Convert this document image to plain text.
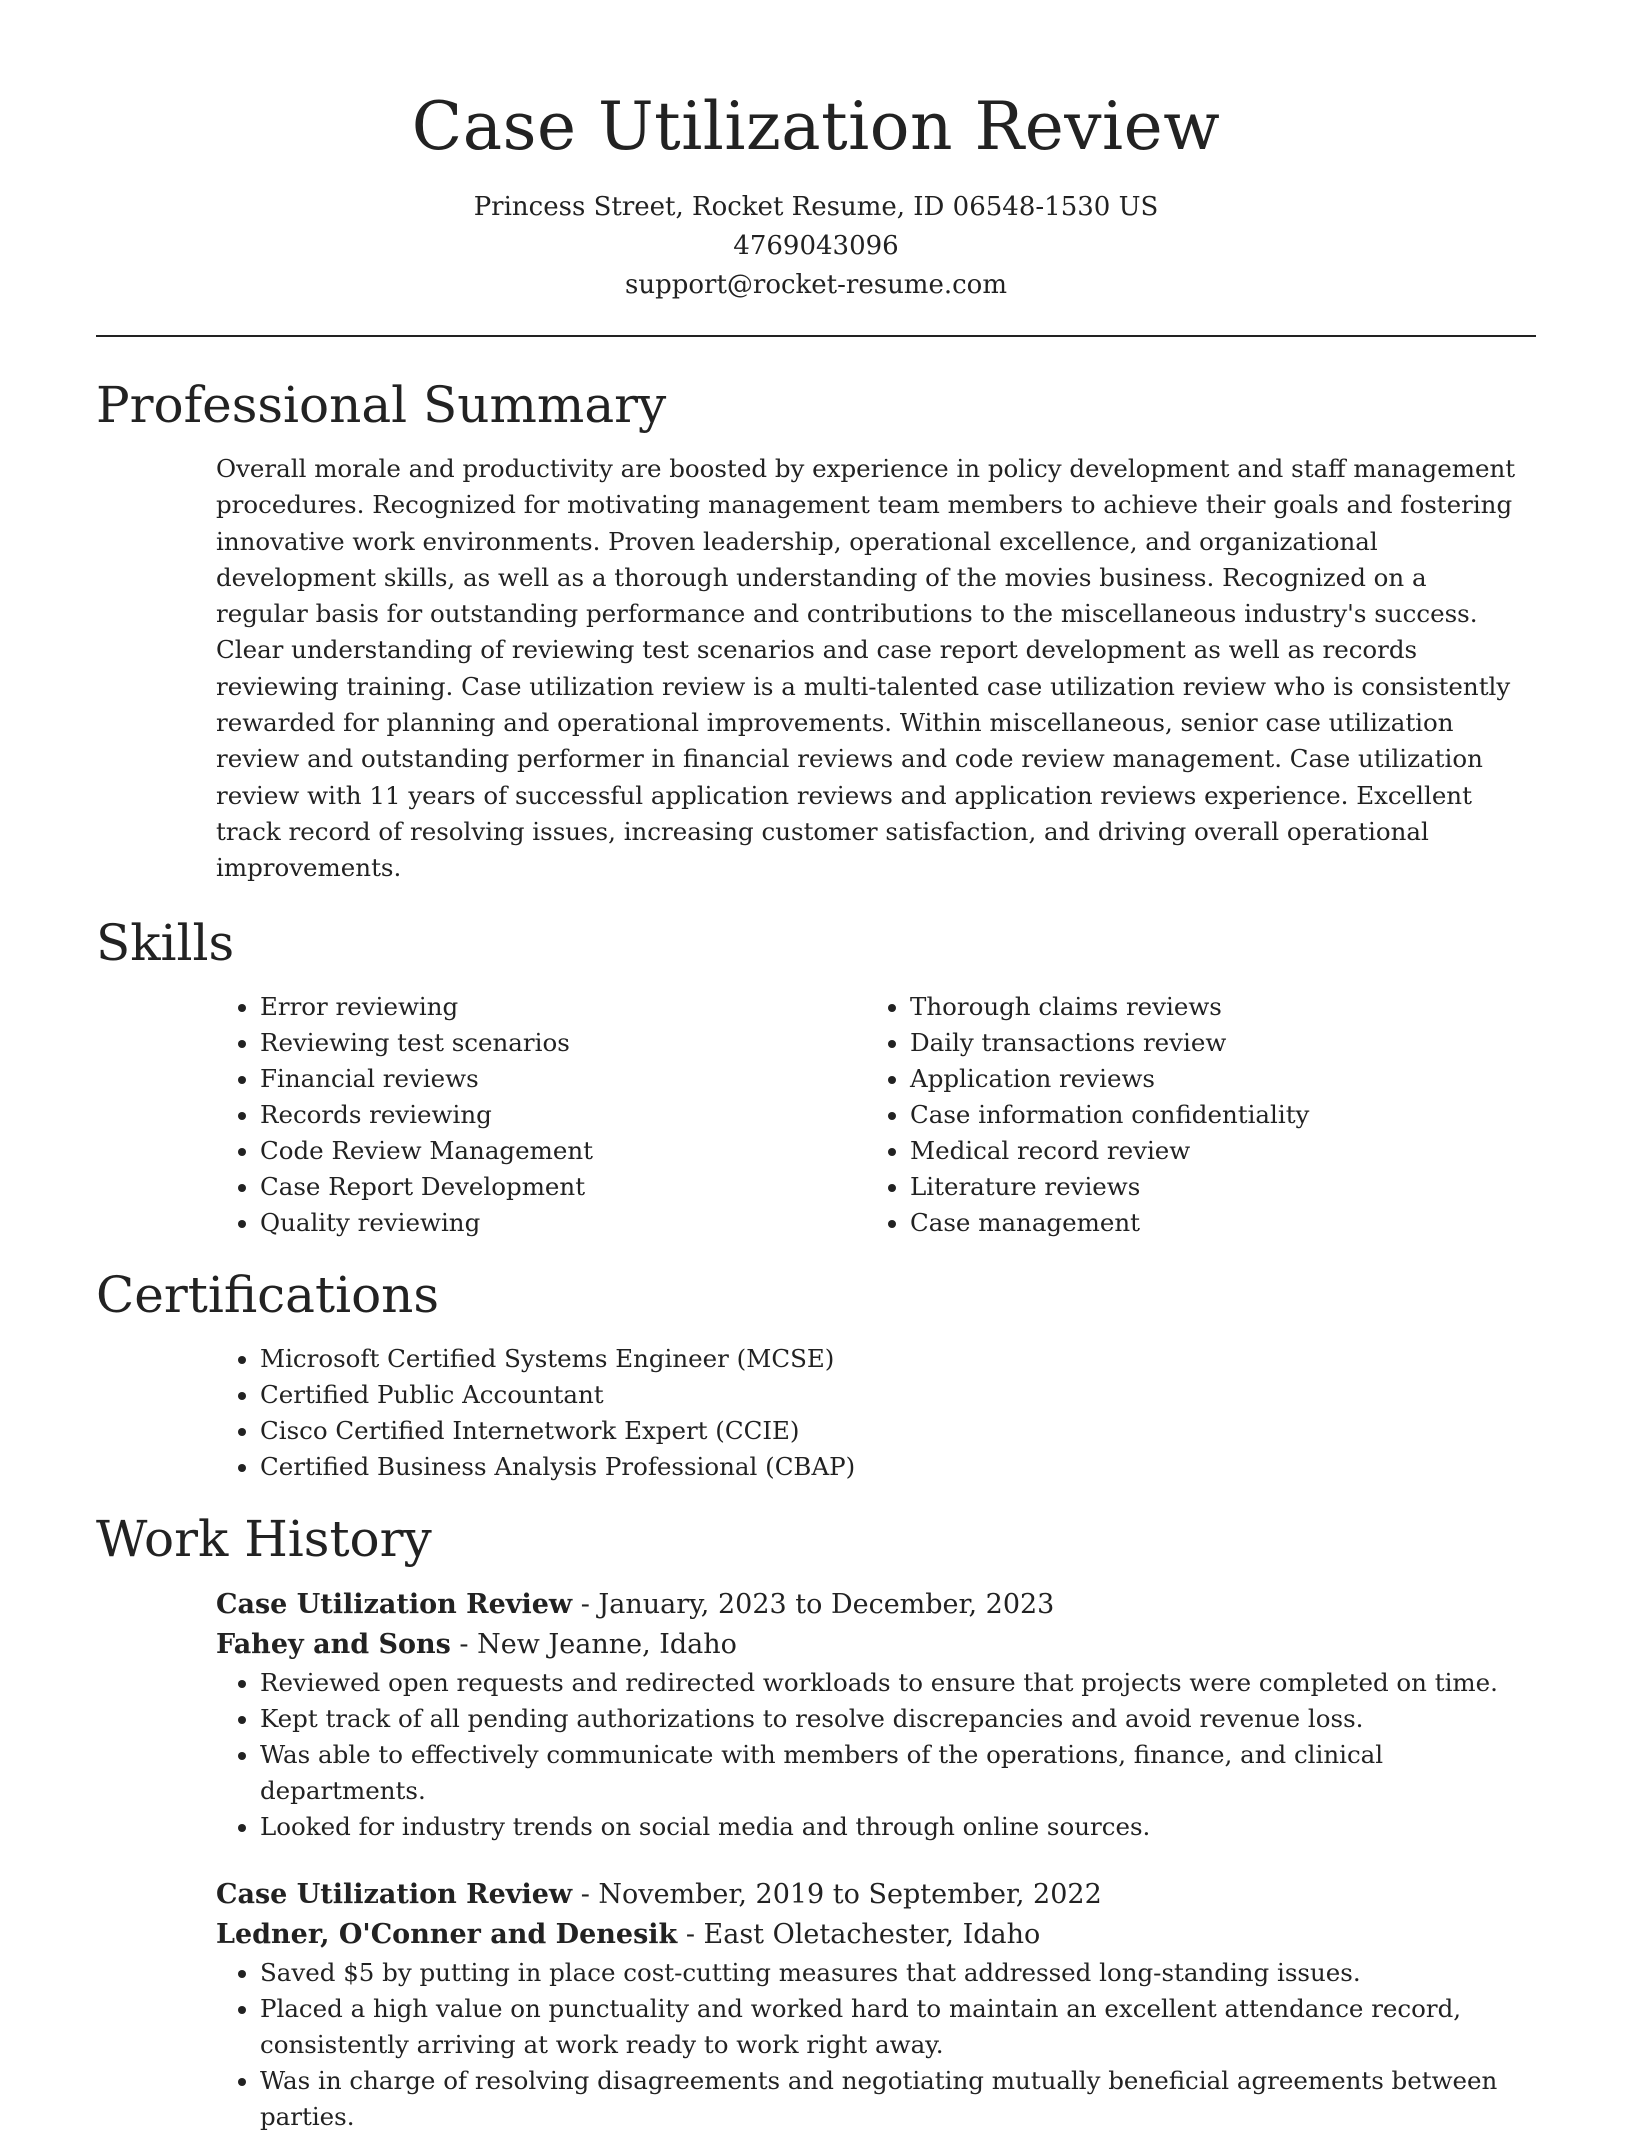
Case Utilization Review
Princess Street, Rocket Resume, ID 06548-1530 US
4769043096
support@rocket-resume.com
Professional Summary

Overall morale and productivity are boosted by experience in policy development and staff management procedures. Recognized for motivating management team members to achieve their goals and fostering innovative work environments. Proven leadership, operational excellence, and organizational development skills, as well as a thorough understanding of the movies business. Recognized on a regular basis for outstanding performance and contributions to the miscellaneous industry's success. Clear understanding of reviewing test scenarios and case report development as well as records reviewing training. Case utilization review is a multi-talented case utilization review who is consistently rewarded for planning and operational improvements. Within miscellaneous, senior case utilization review and outstanding performer in financial reviews and code review management. Case utilization review with 11 years of successful application reviews and application reviews experience. Excellent track record of resolving issues, increasing customer satisfaction, and driving overall operational improvements.

Skills
• Error reviewing
• Reviewing test scenarios
• Financial reviews
• Records reviewing
• Code Review Management
• Case Report Development
• Quality reviewing
• Thorough claims reviews
• Daily transactions review
• Application reviews
• Case information confidentiality
• Medical record review
• Literature reviews
• Case management
Certifications
• Microsoft Certified Systems Engineer (MCSE)
• Certified Public Accountant
• Cisco Certified Internetwork Expert (CCIE)
• Certified Business Analysis Professional (CBAP)
Work History
Case Utilization Review - January, 2023 to December, 2023
Fahey and Sons - New Jeanne, Idaho
• Reviewed open requests and redirected workloads to ensure that projects were completed on time.
• Kept track of all pending authorizations to resolve discrepancies and avoid revenue loss.
• Was able to effectively communicate with members of the operations, finance, and clinical departments.
• Looked for industry trends on social media and through online sources.
Case Utilization Review - November, 2019 to September, 2022
Ledner, O'Conner and Denesik - East Oletachester, Idaho
• Saved $5 by putting in place cost-cutting measures that addressed long-standing issues.
• Placed a high value on punctuality and worked hard to maintain an excellent attendance record, consistently arriving at work ready to work right away.
• Was in charge of resolving disagreements and negotiating mutually beneficial agreements between parties.
